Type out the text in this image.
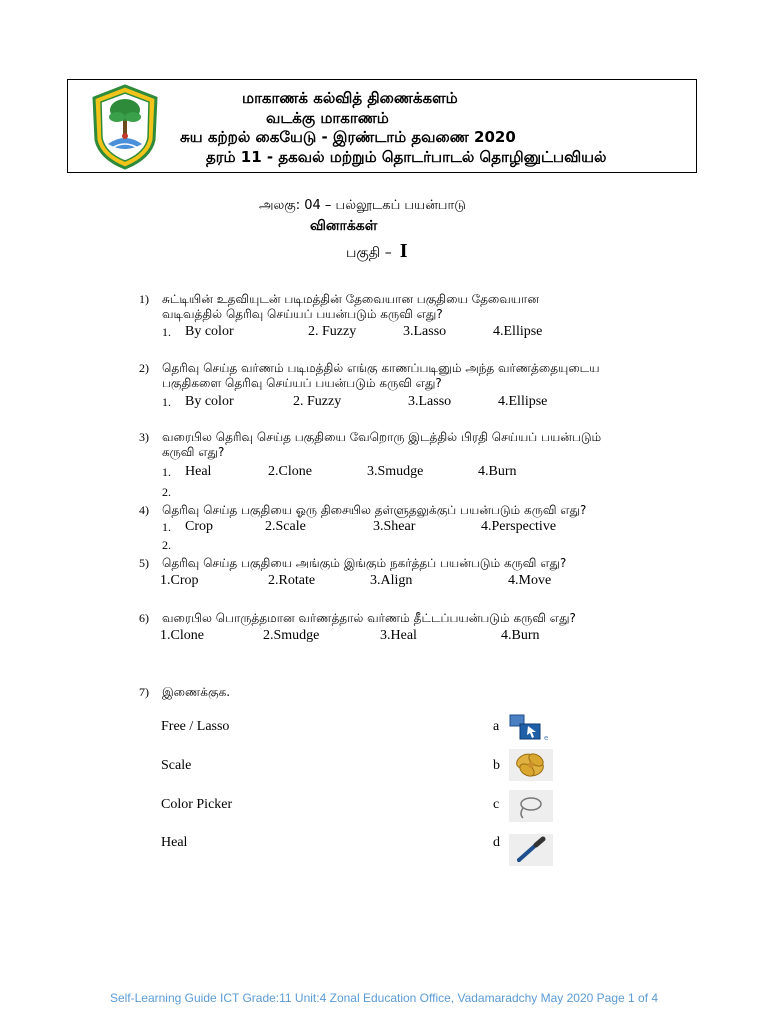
மாகாணக் கல்வித் திணைக்களம்
வடக்கு மாகாணம்
சுய கற்றல் கையேடு - இரண்டாம் தவணை 2020
தரம் 11 - தகவல் மற்றும் தொடர்பாடல் தொழினுட்பவியல்
அலகு: 04 – பல்லூடகப் பயன்பாடு
வினாக்கள்
பகுதி – I
1) சுட்டியின் உதவியுடன் படிமத்தின் தேவையான பகுதியை தேவையான
வடிவத்தில் தெரிவு செய்யப் பயன்படும் கருவி எது?
1. By color	2. Fuzzy	3.Lasso	4.Ellipse
2) தெரிவு செய்த வர்ணம் படிமத்தில் எங்கு காணப்படினும் அந்த வர்ணத்தையுடைய
பகுதிகளை தெரிவு செய்யப் பயன்படும் கருவி எது?
1. By color	2. Fuzzy	3.Lasso	4.Ellipse
3) வரைபில தெரிவு செய்த பகுதியை வேறொரு இடத்தில் பிரதி செய்யப் பயன்படும்
கருவி எது?
1. Heal	2.Clone	3.Smudge	4.Burn
2.
4) தெரிவு செய்த பகுதியை ஓரு திசையில தள்ளுதலுக்குப் பயன்படும் கருவி எது?
1. Crop	2.Scale	3.Shear	4.Perspective
2.
5) தெரிவு செய்த பகுதியை அங்கும் இங்கும் நகர்த்தப் பயன்படும் கருவி எது?
1.Crop	2.Rotate	3.Align	4.Move
6) வரைபில பொருத்தமான வர்ணத்தால் வர்ணம் தீட்டப்பயன்படும் கருவி எது?
1.Clone	2.Smudge	3.Heal	4.Burn
7) இணைக்குக.
Free / Lasso	a
e
Scale	b
Color Picker	c
Heal	d
Self-Learning Guide ICT Grade:11 Unit:4 Zonal Education Office, Vadamaradchy May 2020 Page 1 of 4
